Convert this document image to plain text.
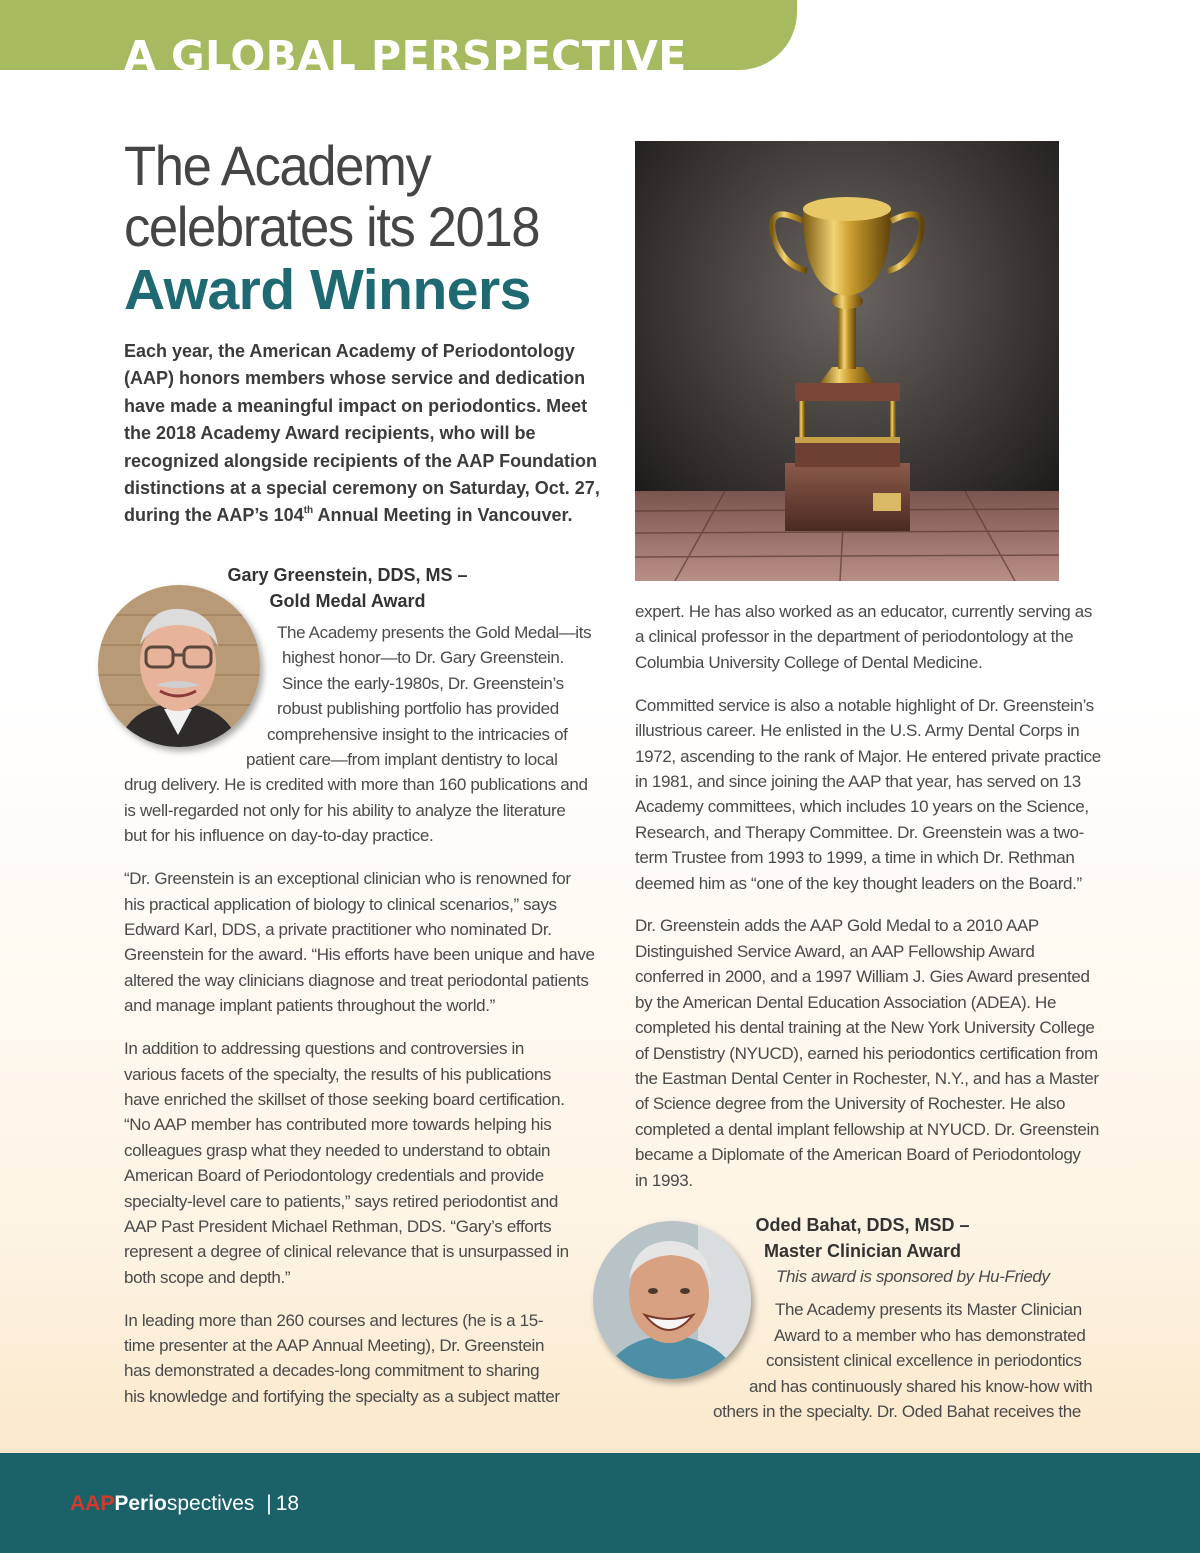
A GLOBAL PERSPECTIVE
The Academy
celebrates its 2018
Award Winners
Each year, the American Academy of Periodontology
(AAP) honors members whose service and dedication
have made a meaningful impact on periodontics. Meet
the 2018 Academy Award recipients, who will be
recognized alongside recipients of the AAP Foundation
distinctions at a special ceremony on Saturday, Oct. 27,
during the AAP’s 104th Annual Meeting in Vancouver.
Gary Greenstein, DDS, MS –
Gold Medal Award

The Academy presents the Gold Medal—its

highest honor—to Dr. Gary Greenstein.

Since the early-1980s, Dr. Greenstein’s

robust publishing portfolio has provided

comprehensive insight to the intricacies of

patient care—from implant dentistry to local

drug delivery. He is credited with more than 160 publications and

is well-regarded not only for his ability to analyze the literature

but for his influence on day-to-day practice.

“Dr. Greenstein is an exceptional clinician who is renowned for

his practical application of biology to clinical scenarios,” says

Edward Karl, DDS, a private practitioner who nominated Dr.

Greenstein for the award. “His efforts have been unique and have

altered the way clinicians diagnose and treat periodontal patients

and manage implant patients throughout the world.”

In addition to addressing questions and controversies in

various facets of the specialty, the results of his publications

have enriched the skillset of those seeking board certification.

“No AAP member has contributed more towards helping his

colleagues grasp what they needed to understand to obtain

American Board of Periodontology credentials and provide

specialty-level care to patients,” says retired periodontist and

AAP Past President Michael Rethman, DDS. “Gary’s efforts

represent a degree of clinical relevance that is unsurpassed in

both scope and depth.”

In leading more than 260 courses and lectures (he is a 15-

time presenter at the AAP Annual Meeting), Dr. Greenstein

has demonstrated a decades-long commitment to sharing

his knowledge and fortifying the specialty as a subject matter

expert. He has also worked as an educator, currently serving as

a clinical professor in the department of periodontology at the

Columbia University College of Dental Medicine.

Committed service is also a notable highlight of Dr. Greenstein’s

illustrious career. He enlisted in the U.S. Army Dental Corps in

1972, ascending to the rank of Major. He entered private practice

in 1981, and since joining the AAP that year, has served on 13

Academy committees, which includes 10 years on the Science,

Research, and Therapy Committee. Dr. Greenstein was a two-

term Trustee from 1993 to 1999, a time in which Dr. Rethman

deemed him as “one of the key thought leaders on the Board.”

Dr. Greenstein adds the AAP Gold Medal to a 2010 AAP

Distinguished Service Award, an AAP Fellowship Award

conferred in 2000, and a 1997 William J. Gies Award presented

by the American Dental Education Association (ADEA). He

completed his dental training at the New York University College

of Denstistry (NYUCD), earned his periodontics certification from

the Eastman Dental Center in Rochester, N.Y., and has a Master

of Science degree from the University of Rochester. He also

completed a dental implant fellowship at NYUCD. Dr. Greenstein

became a Diplomate of the American Board of Periodontology

in 1993.

Oded Bahat, DDS, MSD –
Master Clinician Award

This award is sponsored by Hu-Friedy

The Academy presents its Master Clinician

Award to a member who has demonstrated

consistent clinical excellence in periodontics

and has continuously shared his know-how with

others in the specialty. Dr. Oded Bahat receives the

AAPPeriospectives | 18
